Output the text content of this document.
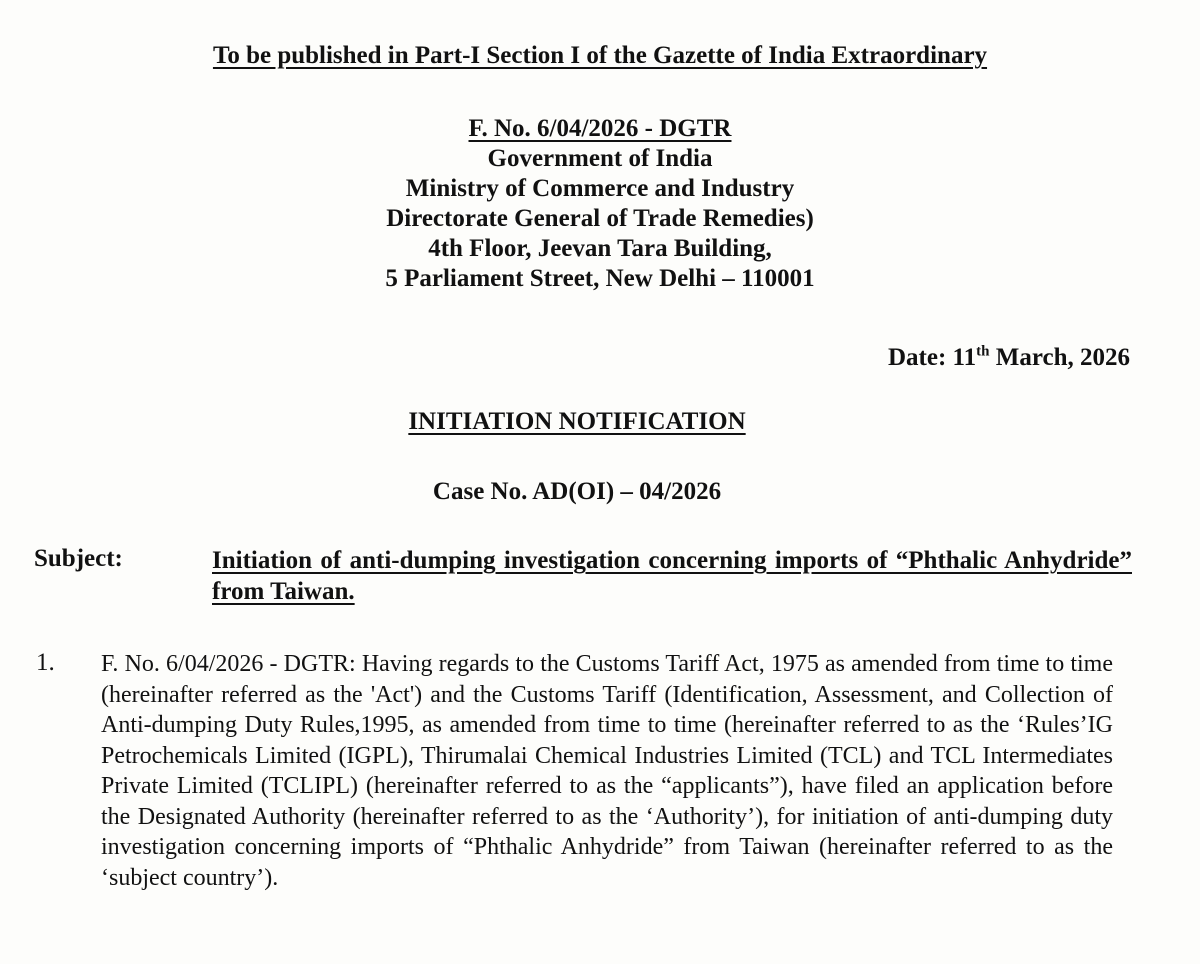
To be published in Part-I Section I of the Gazette of India Extraordinary
F. No. 6/04/2026 - DGTR
Government of India
Ministry of Commerce and Industry
Directorate General of Trade Remedies)
4th Floor, Jeevan Tara Building,
5 Parliament Street, New Delhi – 110001
Date: 11th March, 2026
INITIATION NOTIFICATION
Case No. AD(OI) – 04/2026
Subject:	Initiation of anti-dumping investigation concerning imports of “Phthalic Anhydride” from Taiwan.
1. F. No. 6/04/2026 - DGTR: Having regards to the Customs Tariff Act, 1975 as amended from time to time (hereinafter referred as the 'Act') and the Customs Tariff (Identification, Assessment, and Collection of Anti-dumping Duty Rules,1995, as amended from time to time (hereinafter referred to as the ‘Rules’IG Petrochemicals Limited (IGPL), Thirumalai Chemical Industries Limited (TCL) and TCL Intermediates Private Limited (TCLIPL) (hereinafter referred to as the “applicants”), have filed an application before the Designated Authority (hereinafter referred to as the ‘Authority’), for initiation of anti-dumping duty investigation concerning imports of “Phthalic Anhydride” from Taiwan (hereinafter referred to as the ‘subject country’).
